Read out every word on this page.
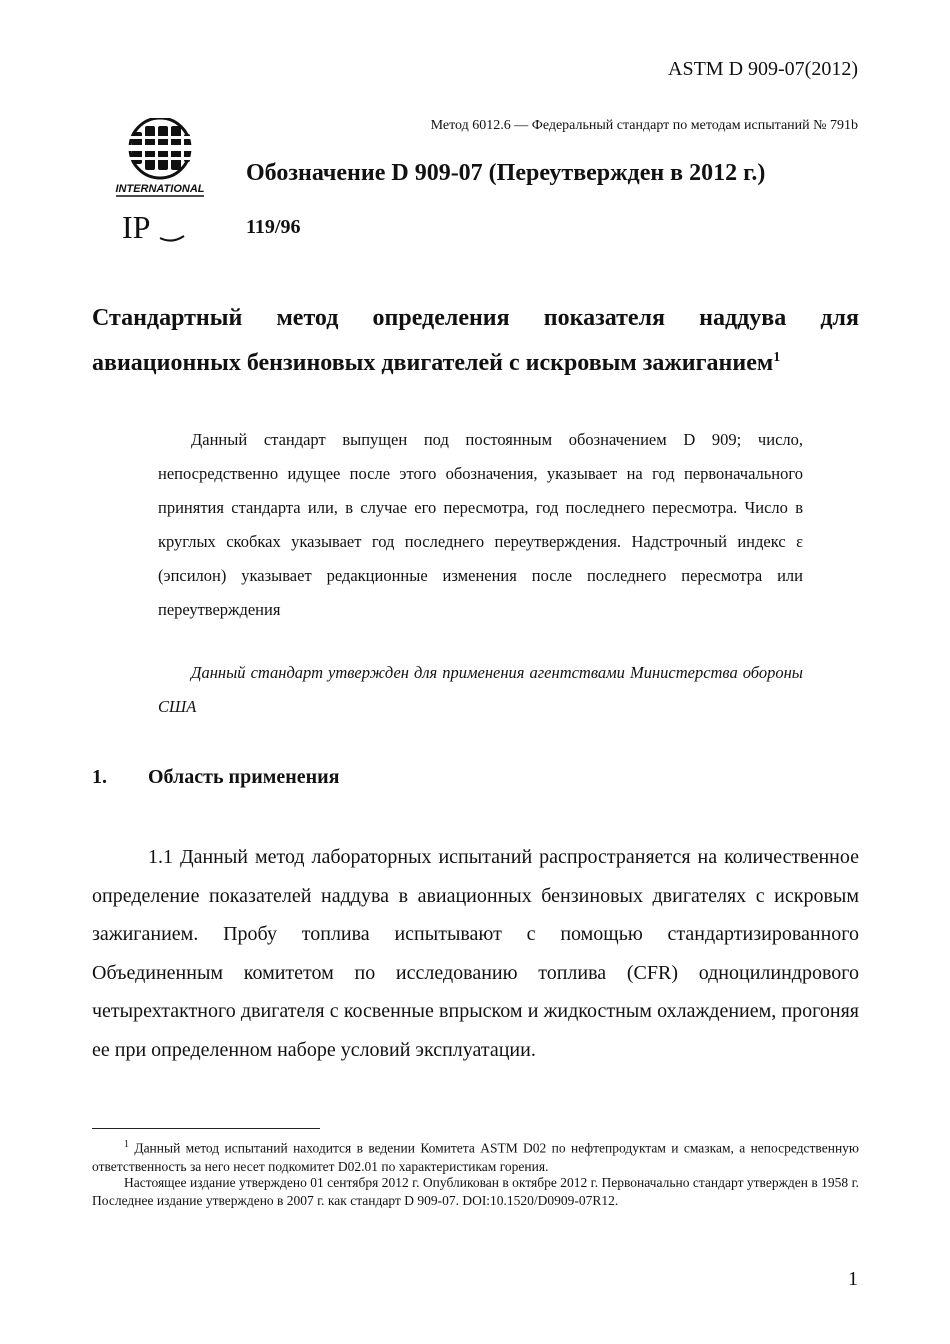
ASTM D 909-07(2012)
Метод 6012.6 — Федеральный стандарт по методам испытаний № 791b
INTERNATIONAL
IP
Обозначение D 909-07 (Переутвержден в 2012 г.)
119/96
Стандартный метод определения показателя наддува для авиационных бензиновых двигателей с искровым зажиганием$^1$

Данный стандарт выпущен под постоянным обозначением D 909; число, непосредственно идущее после этого обозначения, указывает на год первоначального принятия стандарта или, в случае его пересмотра, год последнего пересмотра. Число в круглых скобках указывает год последнего переутверждения. Надстрочный индекс ε (эпсилон) указывает редакционные изменения после последнего пересмотра или переутверждения

Данный стандарт утвержден для применения агентствами Министерства обороны США

1. Область применения

1.1 Данный метод лабораторных испытаний распространяется на количественное определение показателей наддува в авиационных бензиновых двигателях с искровым зажиганием. Пробу топлива испытывают с помощью стандартизированного Объединенным комитетом по исследованию топлива (CFR) одноцилиндрового четырехтактного двигателя с косвенные впрыском и жидкостным охлаждением, прогоняя ее при определенном наборе условий эксплуатации.

$^1$ Данный метод испытаний находится в ведении Комитета ASTM D02 по нефтепродуктам и смазкам, а непосредственную ответственность за него несет подкомитет D02.01 по характеристикам горения.

Настоящее издание утверждено 01 сентября 2012 г. Опубликован в октябре 2012 г. Первоначально стандарт утвержден в 1958 г. Последнее издание утверждено в 2007 г. как стандарт D 909-07. DOI:10.1520/D0909-07R12.

1
